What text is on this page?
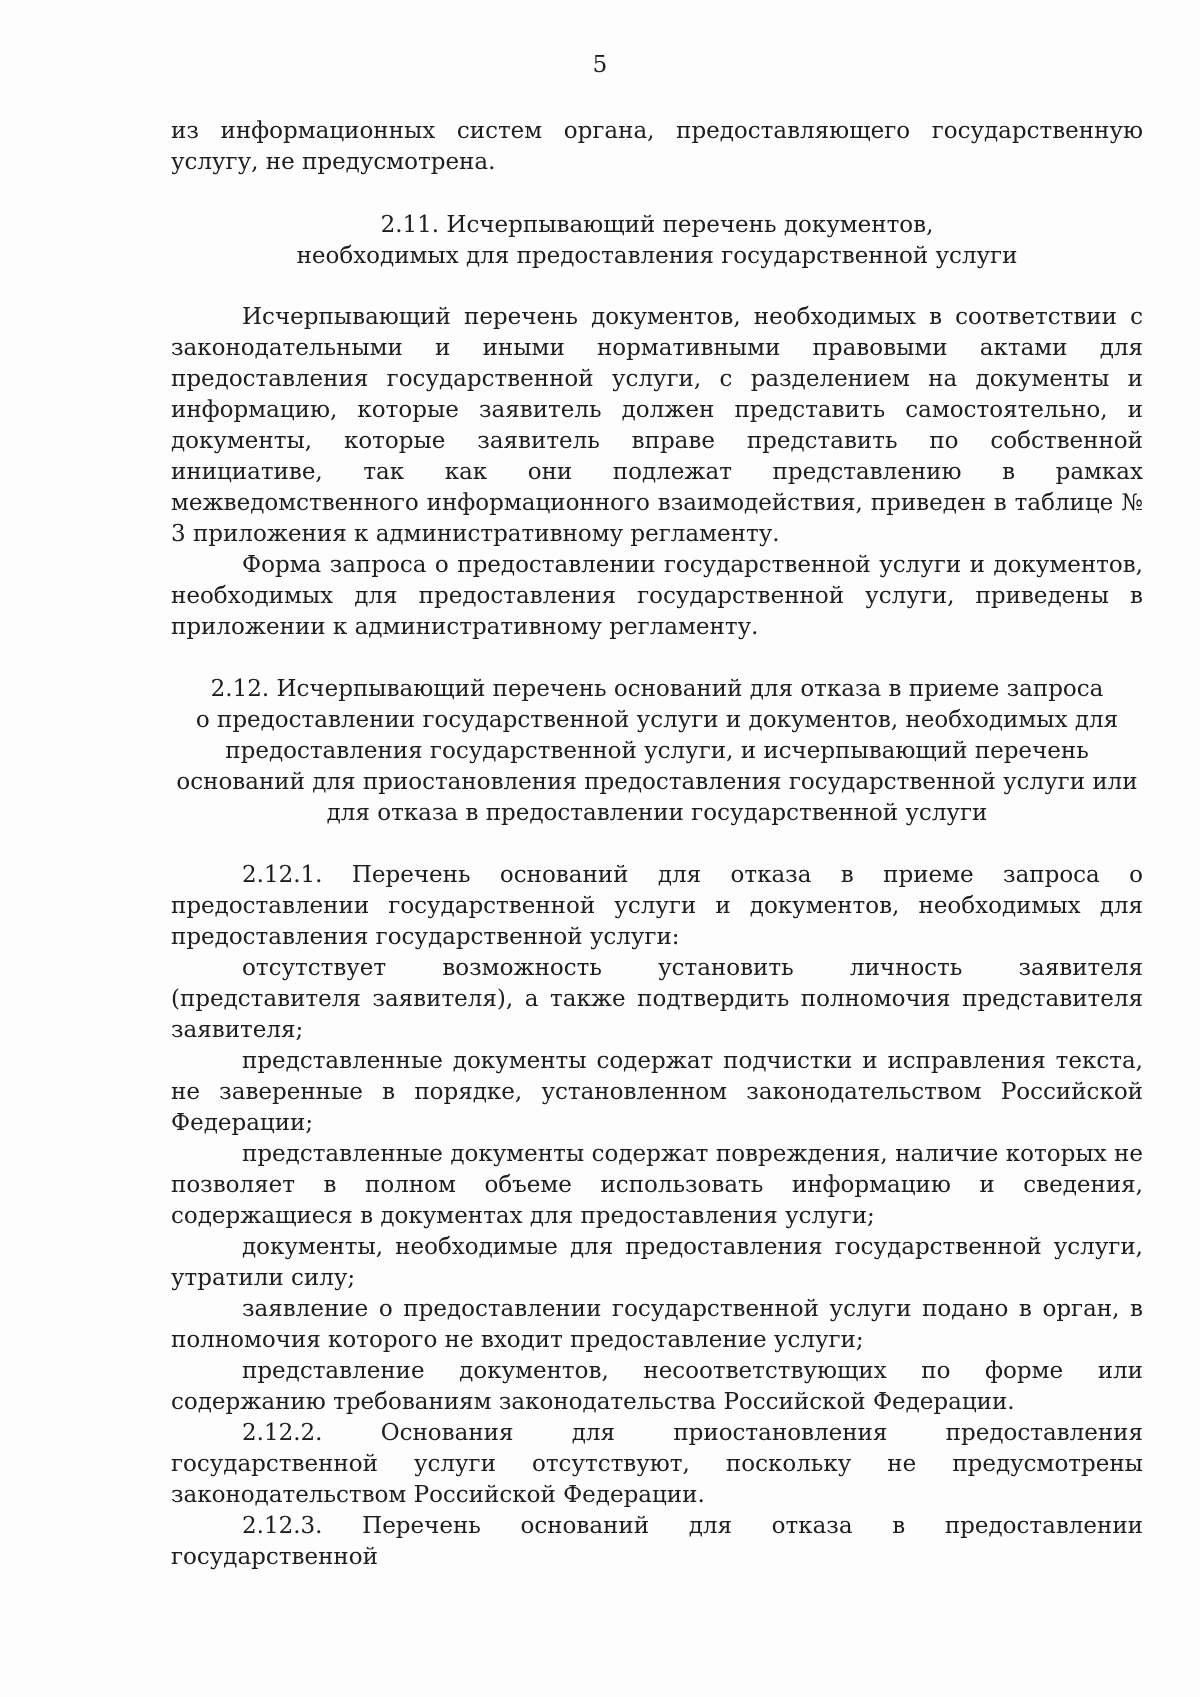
5

из информационных систем органа, предоставляющего государственную услугу, не предусмотрена.

2.11. Исчерпывающий перечень документов,
необходимых для предоставления государственной услуги

Исчерпывающий перечень документов, необходимых в соответствии с законодательными и иными нормативными правовыми актами для предоставления государственной услуги, с разделением на документы и информацию, которые заявитель должен представить самостоятельно, и документы, которые заявитель вправе представить по собственной инициативе, так как они подлежат представлению в рамках межведомственного информационного взаимодействия, приведен в таблице № 3 приложения к административному регламенту.

Форма запроса о предоставлении государственной услуги и документов, необходимых для предоставления государственной услуги, приведены в приложении к административному регламенту.

2.12. Исчерпывающий перечень оснований для отказа в приеме запроса
о предоставлении государственной услуги и документов, необходимых для
предоставления государственной услуги, и исчерпывающий перечень
оснований для приостановления предоставления государственной услуги или
для отказа в предоставлении государственной услуги

2.12.1. Перечень оснований для отказа в приеме запроса о предоставлении государственной услуги и документов, необходимых для предоставления государственной услуги:

отсутствует возможность установить личность заявителя (представителя заявителя), а также подтвердить полномочия представителя заявителя;

представленные документы содержат подчистки и исправления текста, не заверенные в порядке, установленном законодательством Российской Федерации;

представленные документы содержат повреждения, наличие которых не позволяет в полном объеме использовать информацию и сведения, содержащиеся в документах для предоставления услуги;

документы, необходимые для предоставления государственной услуги, утратили силу;

заявление о предоставлении государственной услуги подано в орган, в полномочия которого не входит предоставление услуги;

представление документов, несоответствующих по форме или содержанию требованиям законодательства Российской Федерации.

2.12.2. Основания для приостановления предоставления государственной услуги отсутствуют, поскольку не предусмотрены законодательством Российской Федерации.

2.12.3. Перечень оснований для отказа в предоставлении государственной
